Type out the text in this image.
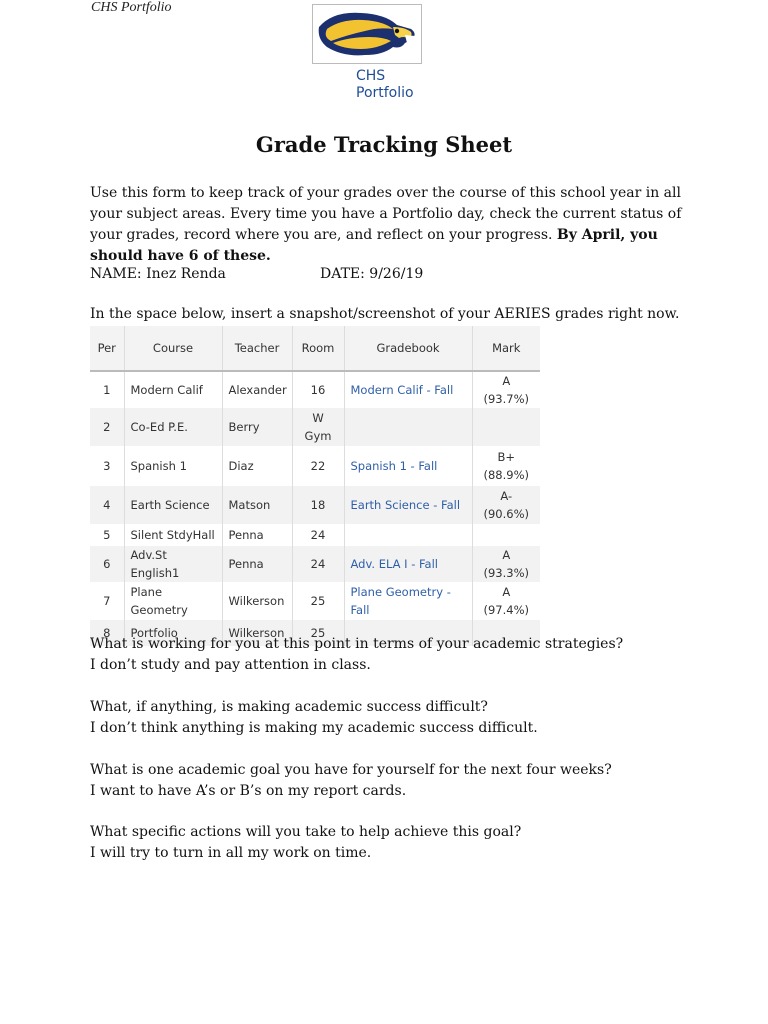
CHS Portfolio
CHS
Portfolio
Grade Tracking Sheet
Use this form to keep track of your grades over the course of this school year in all your subject areas. Every time you have a Portfolio day, check the current status of your grades, record where you are, and reflect on your progress. By April, you should have 6 of these.
NAME: Inez Renda	DATE: 9/26/19
In the space below, insert a snapshot/screenshot of your AERIES grades right now.
Per	Course	Teacher	Room	Gradebook	Mark
1	Modern Calif	Alexander	16	Modern Calif - Fall	A (93.7%)
2	Co-Ed P.E.	Berry	W Gym		
3	Spanish 1	Diaz	22	Spanish 1 - Fall	B+ (88.9%)
4	Earth Science	Matson	18	Earth Science - Fall	A- (90.6%)
5	Silent StdyHall	Penna	24		
6	Adv.St English1	Penna	24	Adv. ELA I - Fall	A (93.3%)
7	Plane Geometry	Wilkerson	25	Plane Geometry - Fall	A (97.4%)
8	Portfolio	Wilkerson	25		
What is working for you at this point in terms of your academic strategies?
I don’t study and pay attention in class.
What, if anything, is making academic success difficult?
I don’t think anything is making my academic success difficult.
What is one academic goal you have for yourself for the next four weeks?
I want to have A’s or B’s on my report cards.
What specific actions will you take to help achieve this goal?
I will try to turn in all my work on time.
